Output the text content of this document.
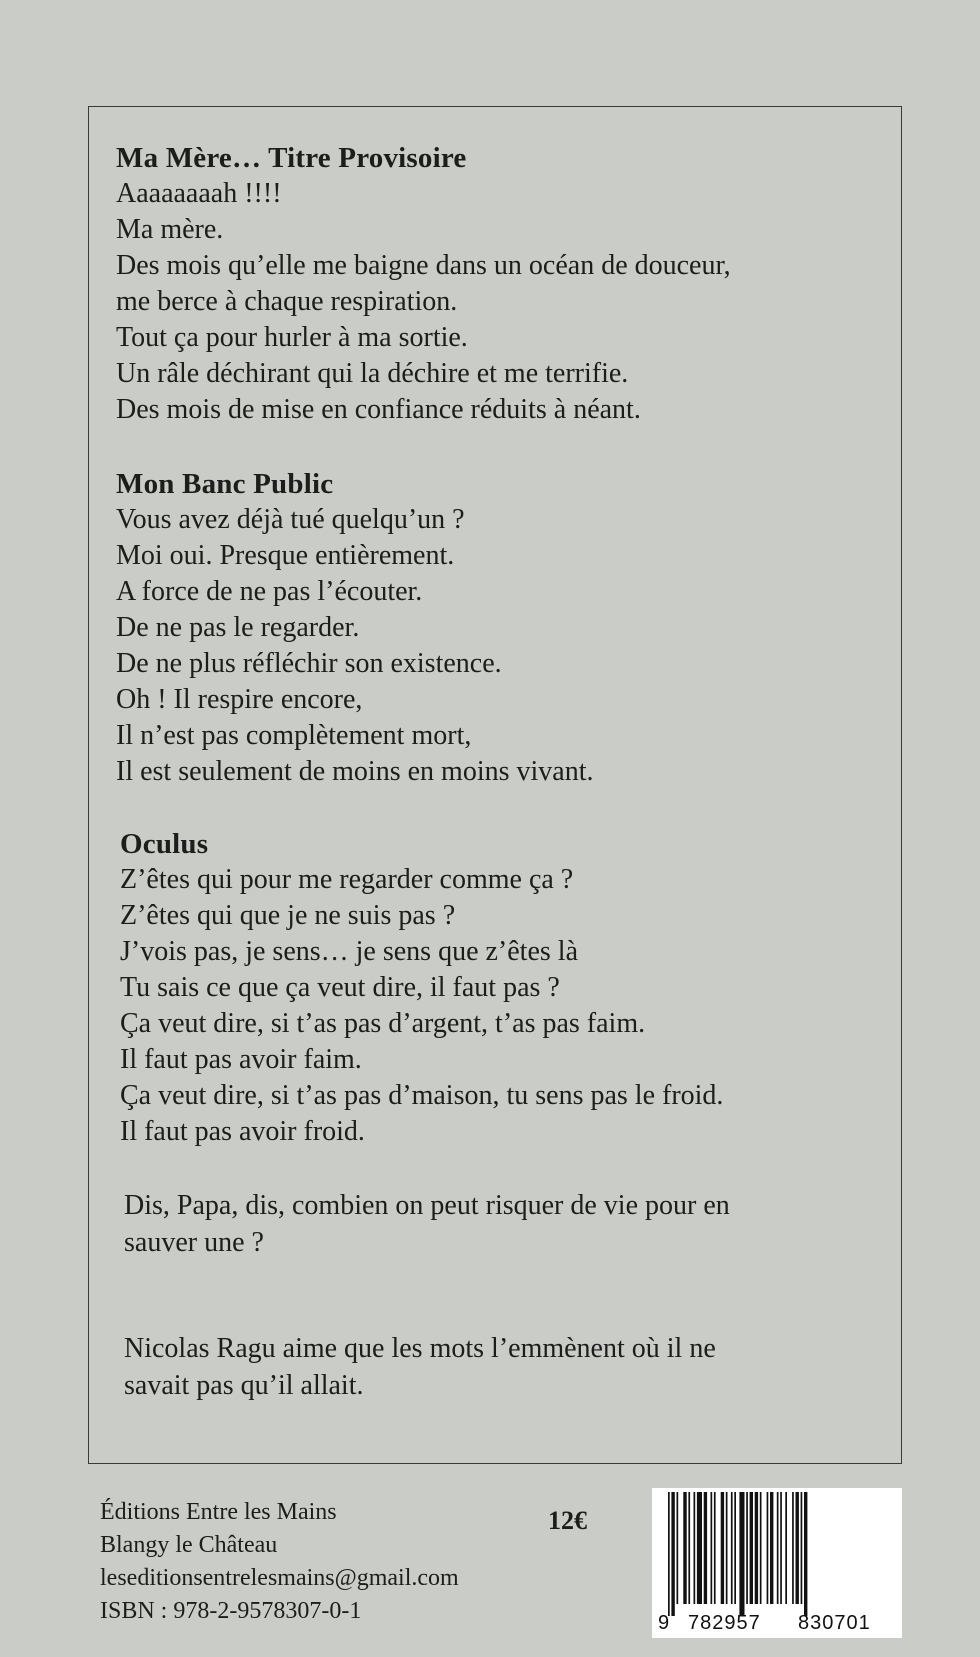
Ma Mère… Titre Provisoire
Aaaaaaaah !!!!
Ma mère.
Des mois qu’elle me baigne dans un océan de douceur,
me berce à chaque respiration.
Tout ça pour hurler à ma sortie.
Un râle déchirant qui la déchire et me terrifie.
Des mois de mise en confiance réduits à néant.
Mon Banc Public
Vous avez déjà tué quelqu’un ?
Moi oui. Presque entièrement.
A force de ne pas l’écouter.
De ne pas le regarder.
De ne plus réfléchir son existence.
Oh ! Il respire encore,
Il n’est pas complètement mort,
Il est seulement de moins en moins vivant.
Oculus
Z’êtes qui pour me regarder comme ça ?
Z’êtes qui que je ne suis pas ?
J’vois pas, je sens… je sens que z’êtes là
Tu sais ce que ça veut dire, il faut pas ?
Ça veut dire, si t’as pas d’argent, t’as pas faim.
Il faut pas avoir faim.
Ça veut dire, si t’as pas d’maison, tu sens pas le froid.
Il faut pas avoir froid.
Dis, Papa, dis, combien on peut risquer de vie pour en
sauver une ?
Nicolas Ragu aime que les mots l’emmènent où il ne
savait pas qu’il allait.
Éditions Entre les Mains
Blangy le Château
leseditionsentrelesmains@gmail.com
ISBN : 978-2-9578307-0-1
12€
9 782957 830701
